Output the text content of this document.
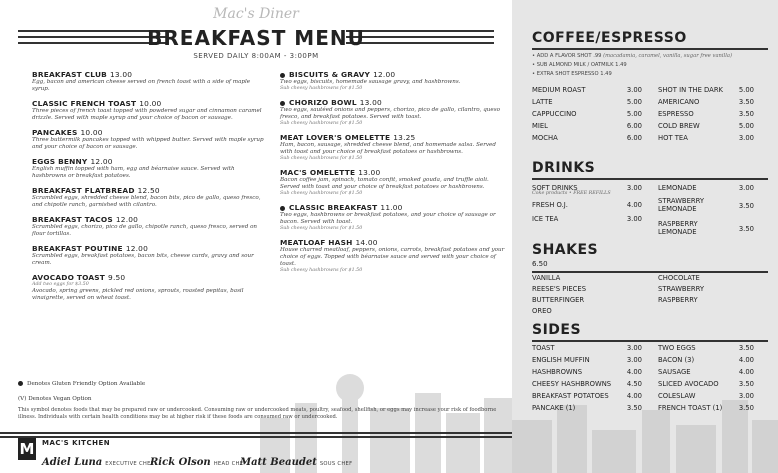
Mac's Diner
BREAKFAST MENU
SERVED DAILY 8:00AM - 3:00PM
BREAKFAST CLUB 13.00
Egg, bacon and american cheese served on french toast with a side of maple syrup.
CLASSIC FRENCH TOAST 10.00
Three pieces of french toast topped with powdered sugar and cinnamon caramel drizzle. Served with maple syrup and your choice of bacon or sausage.
PANCAKES 10.00
Three buttermilk pancakes topped with whipped butter. Served with maple syrup and your choice of bacon or sausage.
EGGS BENNY 12.00
English muffin topped with ham, egg and béarnaise sauce. Served with hashbrowns or breakfast potatoes.
BREAKFAST FLATBREAD 12.50
Scrambled eggs, shredded cheese blend, bacon bits, pico de gallo, queso fresco, and chipotle ranch, garnished with cilantro.
BREAKFAST TACOS 12.00
Scrambled eggs, chorizo, pico de gallo, chipotle ranch, queso fresco, served on flour tortillas.
BREAKFAST POUTINE 12.00
Scrambled eggs, breakfast potatoes, bacon bits, cheese curds, gravy and sour cream.
AVOCADO TOAST 9.50
Add two eggs for $3.50
Avocado, spring greens, pickled red onions, sprouts, roasted pepitas, basil vinaigrette, served on wheat toast.
BISCUITS & GRAVY 12.00
Two eggs, biscuits, homemade sausage gravy, and hashbrowns.
Sub cheesy hashbrowns for $1.50
CHORIZO BOWL 13.00
Two eggs, sautéed onions and peppers, chorizo, pico de gallo, cilantro, queso fresco, and breakfast potatoes. Served with toast.
Sub cheesy hashbrowns for $1.50
MEAT LOVER'S OMELETTE 13.25
Ham, bacon, sausage, shredded cheese blend, and homemade salsa. Served with toast and your choice of breakfast potatoes or hashbrowns.
Sub cheesy hashbrowns for $1.50
MAC'S OMELETTE 13.00
Bacon coffee jam, spinach, tomato confit, smoked gouda, and truffle aioli. Served with toast and your choice of breakfast potatoes or hashbrowns.
Sub cheesy hashbrowns for $1.50
CLASSIC BREAKFAST 11.00
Two eggs, hashbrowns or breakfast potatoes, and your choice of sausage or bacon. Served with toast.
Sub cheesy hashbrowns for $1.50
MEATLOAF HASH 14.00
House charred meatloaf, peppers, onions, carrots, breakfast potatoes and your choice of eggs. Topped with béarnaise sauce and served with your choice of toast.
Sub cheesy hashbrowns for $1.50
Denotes Gluten Friendly Option Available
(V) Denotes Vegan Option
This symbol denotes foods that may be prepared raw or undercooked. Consuming raw or undercooked meats, poultry, seafood, shellfish, or eggs may increase your risk of foodborne illness. Individuals with certain health conditions may be at higher risk if these foods are consumed raw or undercooked.
M MAC'S KITCHEN
Adiel Luna EXECUTIVE CHEF
Rick Olson HEAD CHEF
Matt Beaudet SOUS CHEF
COFFEE/ESPRESSO
• ADD A FLAVOR SHOT .99 (macadamia, caramel, vanilla, sugar free vanilla)
• SUB ALMOND MILK / OATMILK 1.49
• EXTRA SHOT ESPRESSO 1.49
MEDIUM ROAST	3.00
LATTE	5.00
CAPPUCCINO	5.00
MIEL	6.00
MOCHA	6.00
SHOT IN THE DARK 5.00
AMERICANO	3.50
ESPRESSO	3.50
COLD BREW	5.00
HOT TEA	3.00
DRINKS
SOFT DRINKS	3.00
Coke products • FREE REFILLS
FRESH O.J.	4.00
ICE TEA	3.00
LEMONADE	3.00
STRAWBERRY
LEMONADE	3.50
RASPBERRY
LEMONADE	3.50
SHAKES
6.50
VANILLA
REESE'S PIECES
BUTTERFINGER
OREO
CHOCOLATE
STRAWBERRY
RASPBERRY
SIDES
TOAST	3.00
ENGLISH MUFFIN	3.00
HASHBROWNS	4.00
CHEESY HASHBROWNS 4.50
BREAKFAST POTATOES	4.00
PANCAKE (1)	3.50
TWO EGGS	3.50
BACON (3)	4.00
SAUSAGE	4.00
SLICED AVOCADO	3.50
COLESLAW	3.00
FRENCH TOAST (1) 3.50
